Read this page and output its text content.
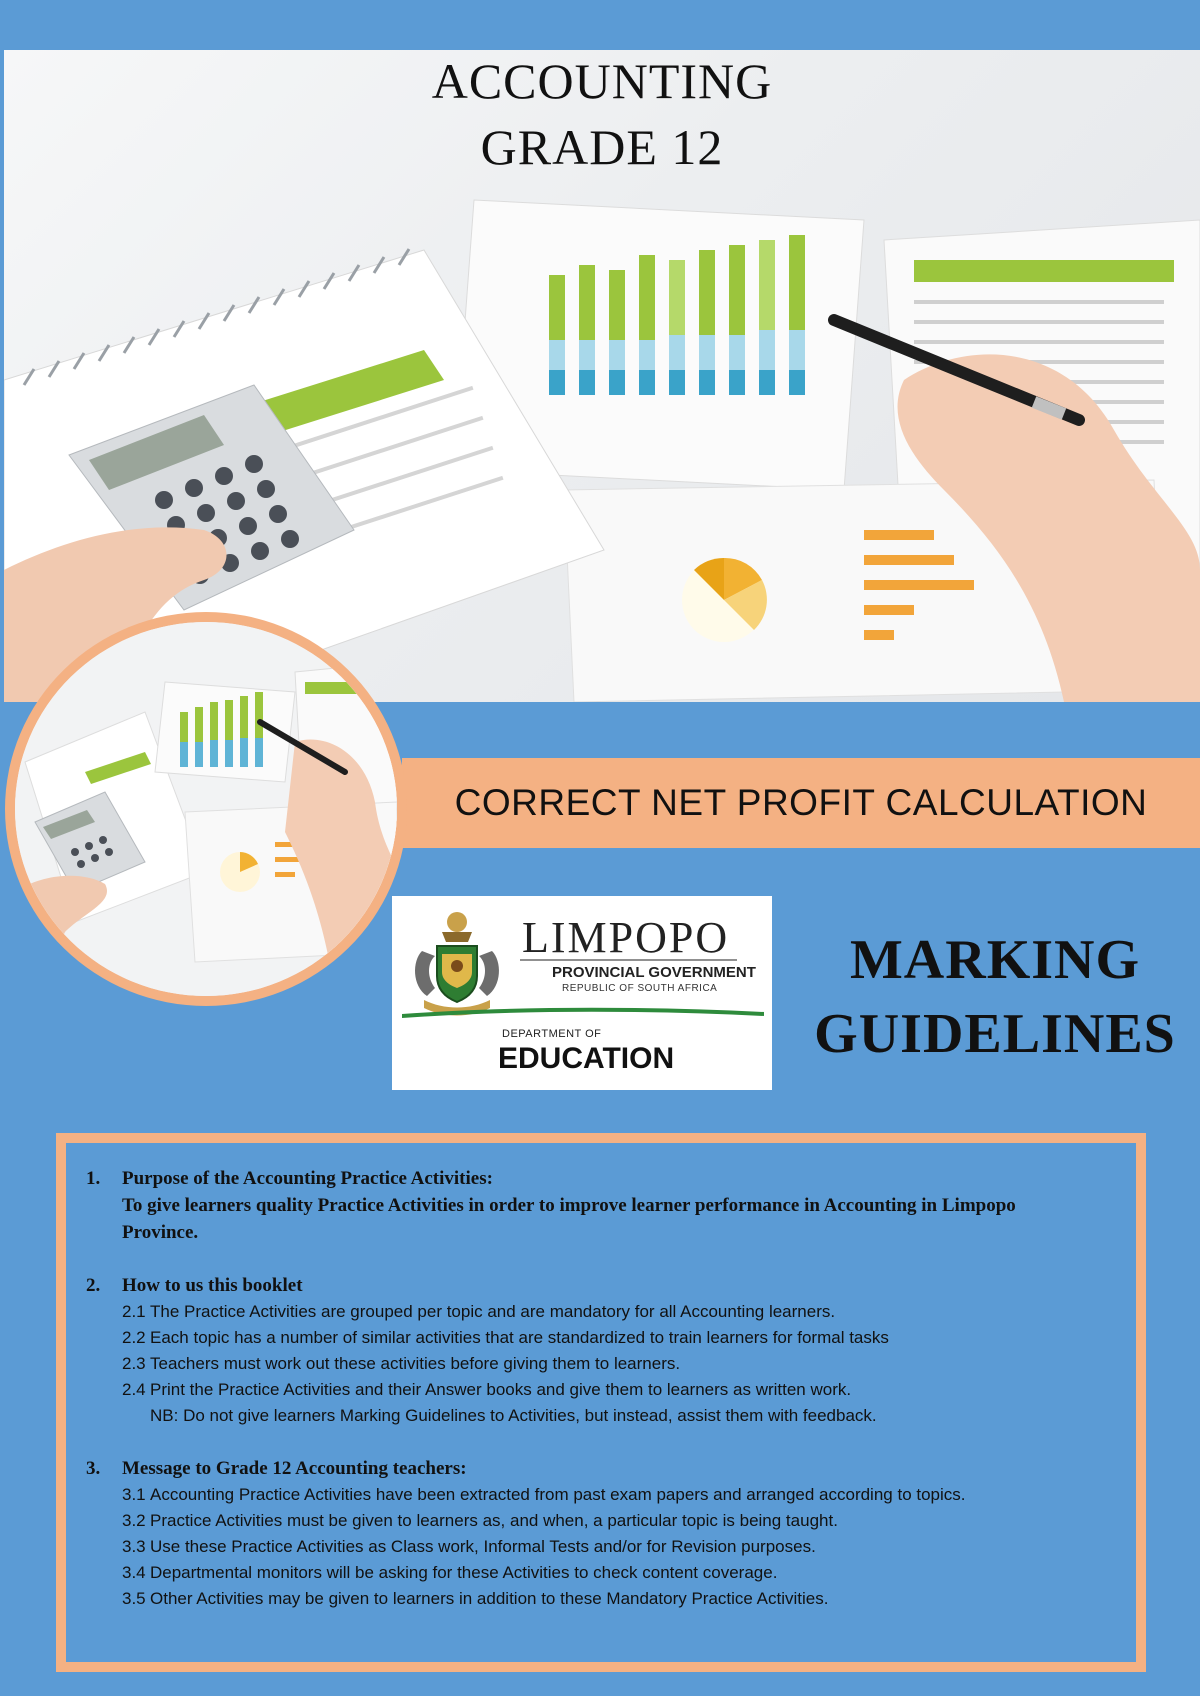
ACCOUNTING
GRADE 12
CORRECT NET PROFIT CALCULATION
LIMPOPO
PROVINCIAL GOVERNMENT
REPUBLIC OF SOUTH AFRICA
DEPARTMENT OF
EDUCATION
MARKING
GUIDELINES
1.	Purpose of the Accounting Practice Activities:
To give learners quality Practice Activities in order to improve learner performance in Accounting in Limpopo Province.
2.	How to us this booklet
2.1 The Practice Activities are grouped per topic and are mandatory for all Accounting learners.
2.2 Each topic has a number of similar activities that are standardized to train learners for formal tasks
2.3 Teachers must work out these activities before giving them to learners.
2.4 Print the Practice Activities and their Answer books and give them to learners as written work.
NB: Do not give learners Marking Guidelines to Activities, but instead, assist them with feedback.
3.	Message to Grade 12 Accounting teachers:
3.1 Accounting Practice Activities have been extracted from past exam papers and arranged according to topics.
3.2 Practice Activities must be given to learners as, and when, a particular topic is being taught.
3.3 Use these Practice Activities as Class work, Informal Tests and/or for Revision purposes.
3.4 Departmental monitors will be asking for these Activities to check content coverage.
3.5 Other Activities may be given to learners in addition to these Mandatory Practice Activities.
